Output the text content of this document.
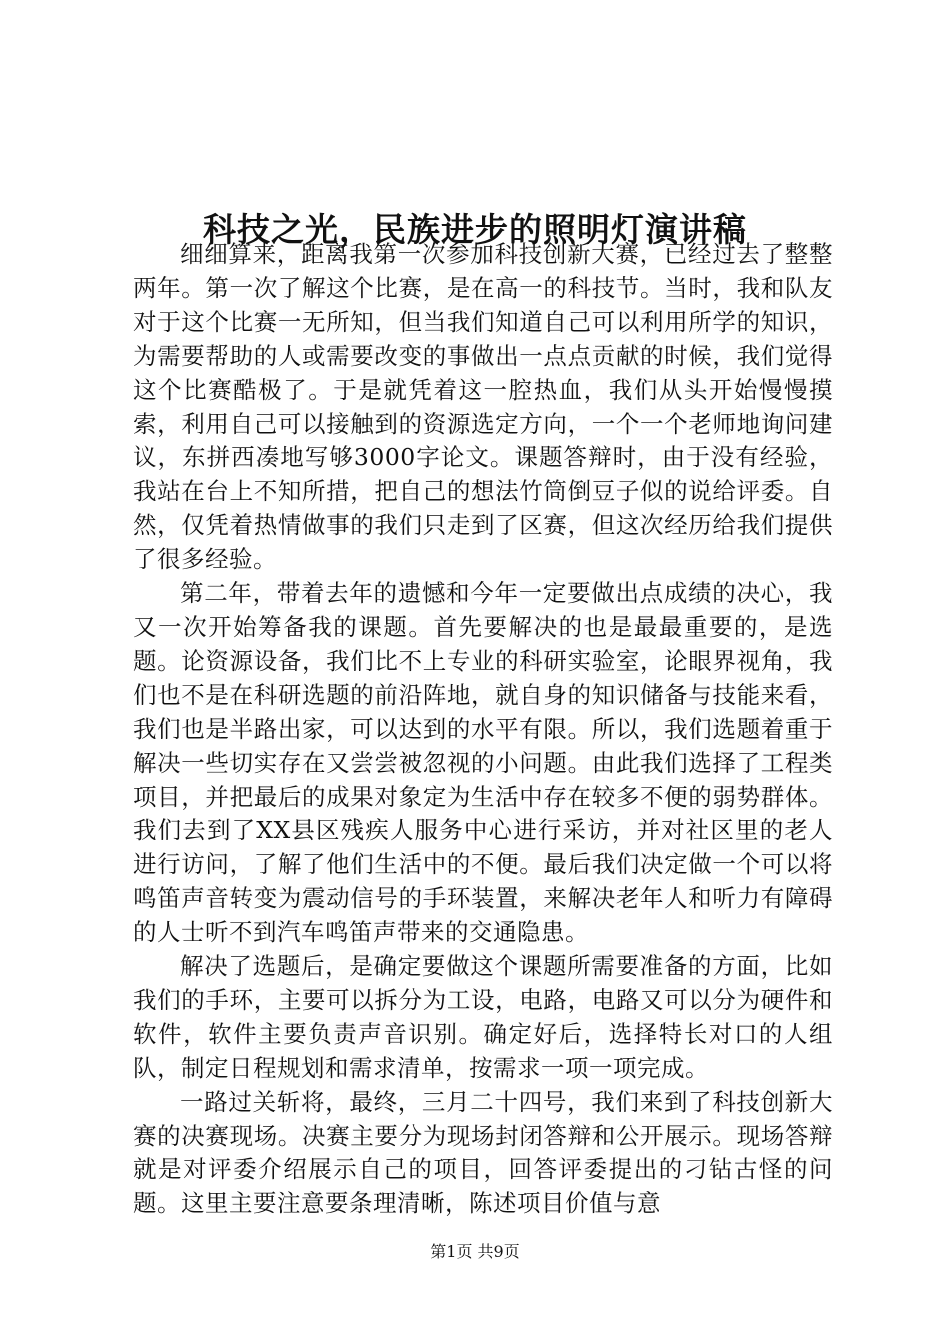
科技之光，民族进步的照明灯演讲稿

细细算来，距离我第一次参加科技创新大赛，已经过去了整整两年。第一次了解这个比赛，是在高一的科技节。当时，我和队友对于这个比赛一无所知，但当我们知道自己可以利用所学的知识，为需要帮助的人或需要改变的事做出一点点贡献的时候，我们觉得这个比赛酷极了。于是就凭着这一腔热血，我们从头开始慢慢摸索，利用自己可以接触到的资源选定方向，一个一个老师地询问建议，东拼西凑地写够3000字论文。课题答辩时，由于没有经验，我站在台上不知所措，把自己的想法竹筒倒豆子似的说给评委。自然，仅凭着热情做事的我们只走到了区赛，但这次经历给我们提供了很多经验。

第二年，带着去年的遗憾和今年一定要做出点成绩的决心，我又一次开始筹备我的课题。首先要解决的也是最最重要的，是选题。论资源设备，我们比不上专业的科研实验室，论眼界视角，我们也不是在科研选题的前沿阵地，就自身的知识储备与技能来看，我们也是半路出家，可以达到的水平有限。所以，我们选题着重于解决一些切实存在又尝尝被忽视的小问题。由此我们选择了工程类项目，并把最后的成果对象定为生活中存在较多不便的弱势群体。我们去到了XX县区残疾人服务中心进行采访，并对社区里的老人进行访问，了解了他们生活中的不便。最后我们决定做一个可以将鸣笛声音转变为震动信号的手环装置，来解决老年人和听力有障碍的人士听不到汽车鸣笛声带来的交通隐患。

解决了选题后，是确定要做这个课题所需要准备的方面，比如我们的手环，主要可以拆分为工设，电路，电路又可以分为硬件和软件，软件主要负责声音识别。确定好后，选择特长对口的人组队，制定日程规划和需求清单，按需求一项一项完成。

一路过关斩将，最终，三月二十四号，我们来到了科技创新大赛的决赛现场。决赛主要分为现场封闭答辩和公开展示。现场答辩就是对评委介绍展示自己的项目，回答评委提出的刁钻古怪的问题。这里主要注意要条理清晰，陈述项目价值与意

第1页 共9页
